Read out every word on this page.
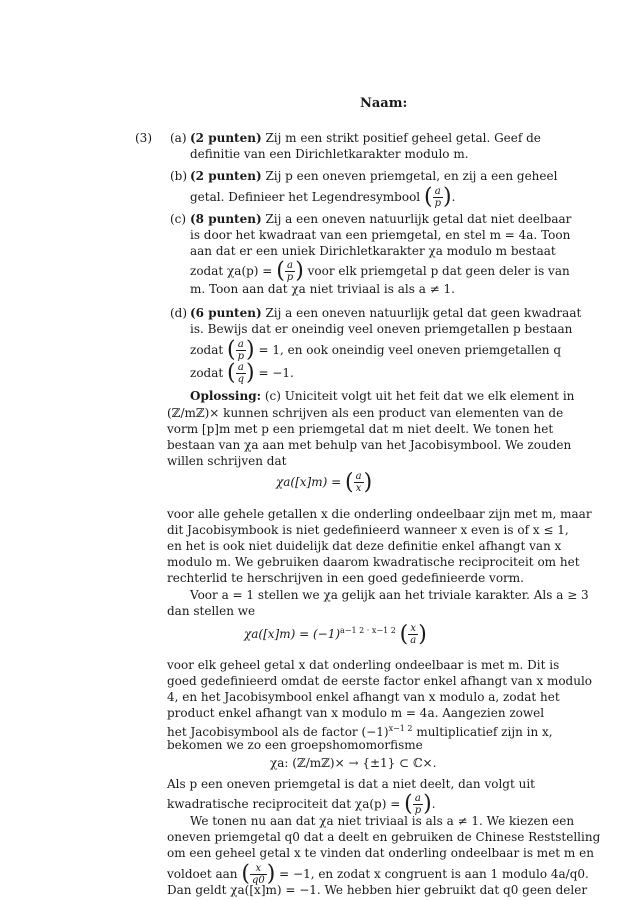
Naam:
(3) (a) (2 punten) Zij m een strikt positief geheel getal. Geef de
definitie van een Dirichletkarakter modulo m.
(b) (2 punten) Zij p een oneven priemgetal, en zij a een geheel
getal. Definieer het Legendresymbool ( $\frac{a}{p}$ ).
(c) (8 punten) Zij a een oneven natuurlijk getal dat niet deelbaar
is door het kwadraat van een priemgetal, en stel m = 4a. Toon
aan dat er een uniek Dirichletkarakter χa modulo m bestaat
zodat χa(p) = ( $\frac{a}{p}$ ) voor elk priemgetal p dat geen deler is van
m. Toon aan dat χa niet triviaal is als a ≠ 1.
(d) (6 punten) Zij a een oneven natuurlijk getal dat geen kwadraat
is. Bewijs dat er oneindig veel oneven priemgetallen p bestaan
zodat ( $\frac{a}{p}$ ) = 1, en ook oneindig veel oneven priemgetallen q
zodat ( $\frac{a}{q}$ ) = −1.
Oplossing: (c) Uniciteit volgt uit het feit dat we elk element in
(ℤ/mℤ)× kunnen schrijven als een product van elementen van de
vorm [p]m met p een priemgetal dat m niet deelt. We tonen het
bestaan van χa aan met behulp van het Jacobisymbool. We zouden
willen schrijven dat
χa([x]m) = ( $\frac{a}{x}$ )
voor alle gehele getallen x die onderling ondeelbaar zijn met m, maar
dit Jacobisymbook is niet gedefinieerd wanneer x even is of x ≤ 1,
en het is ook niet duidelijk dat deze definitie enkel afhangt van x
modulo m. We gebruiken daarom kwadratische reciprociteit om het
rechterlid te herschrijven in een goed gedefinieerde vorm.
Voor a = 1 stellen we χa gelijk aan het triviale karakter. Als a ≥ 3
dan stellen we
$\chi a([x]m) = (-1)^{a-1 2 \cdot x-1 2}$ ( $\frac{x}{a}$ )
voor elk geheel getal x dat onderling ondeelbaar is met m. Dit is
goed gedefinieerd omdat de eerste factor enkel afhangt van x modulo
4, en het Jacobisymbool enkel afhangt van x modulo a, zodat het
product enkel afhangt van x modulo m = 4a. Aangezien zowel
het Jacobisymbool als de factor $(-1)^{x-1 2}$ multiplicatief zijn in x,
bekomen we zo een groepshomomorfisme
χa: (ℤ/mℤ)× → {±1} ⊂ ℂ×.
Als p een oneven priemgetal is dat a niet deelt, dan volgt uit
kwadratische reciprociteit dat χa(p) = ( $\frac{a}{p}$ ).
We tonen nu aan dat χa niet triviaal is als a ≠ 1. We kiezen een
oneven priemgetal q0 dat a deelt en gebruiken de Chinese Reststelling
om een geheel getal x te vinden dat onderling ondeelbaar is met m en
voldoet aan ( $\frac{x}{q0}$ ) = −1, en zodat x congruent is aan 1 modulo 4a/q0.
Dan geldt χa([x]m) = −1. We hebben hier gebruikt dat q0 geen deler
